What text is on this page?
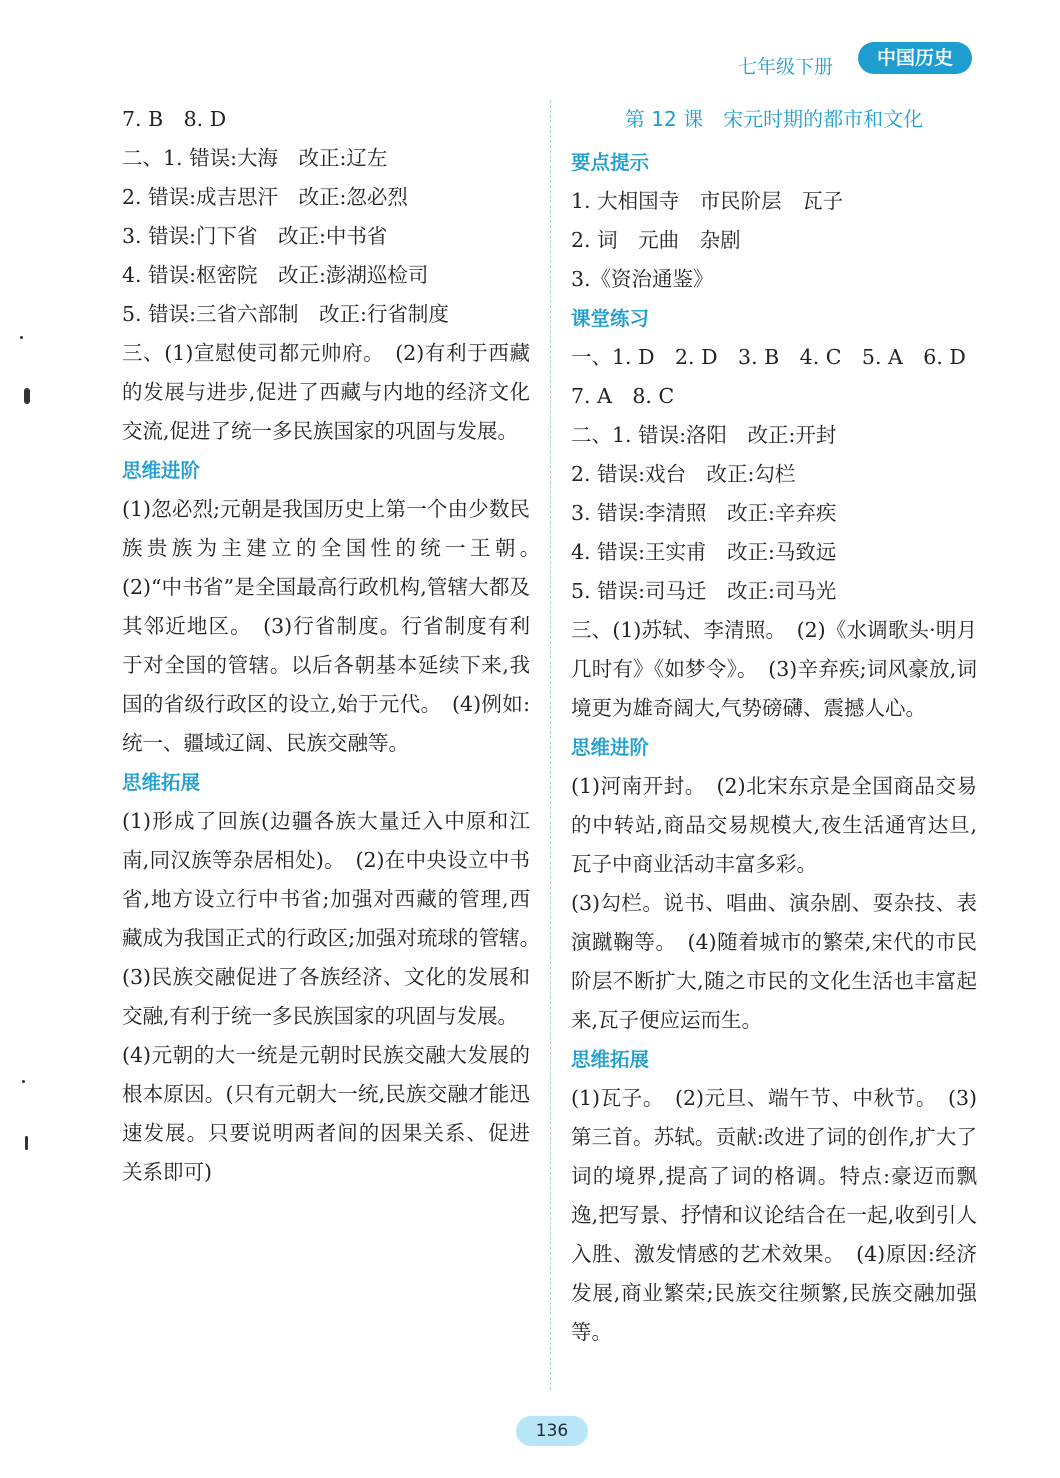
七年级下册	中国历史

7. B　8. D

二、1. 错误:大海　改正:辽左

2. 错误:成吉思汗　改正:忽必烈

3. 错误:门下省　改正:中书省

4. 错误:枢密院　改正:澎湖巡检司

5. 错误:三省六部制　改正:行省制度

三、(1)宣慰使司都元帅府。　(2)有利于西藏的发展与进步,促进了西藏与内地的经济文化交流,促进了统一多民族国家的巩固与发展。

思维进阶

(1)忽必烈;元朝是我国历史上第一个由少数民族贵族为主建立的全国性的统一王朝。　(2)“中书省”是全国最高行政机构,管辖大都及其邻近地区。　(3)行省制度。行省制度有利于对全国的管辖。以后各朝基本延续下来,我国的省级行政区的设立,始于元代。　(4)例如:统一、疆域辽阔、民族交融等。

思维拓展

(1)形成了回族(边疆各族大量迁入中原和江南,同汉族等杂居相处)。　(2)在中央设立中书省,地方设立行中书省;加强对西藏的管理,西藏成为我国正式的行政区;加强对琉球的管辖。　(3)民族交融促进了各族经济、文化的发展和交融,有利于统一多民族国家的巩固与发展。

(4)元朝的大一统是元朝时民族交融大发展的根本原因。(只有元朝大一统,民族交融才能迅速发展。只要说明两者间的因果关系、促进关系即可)

第 12 课　宋元时期的都市和文化

要点提示

1. 大相国寺　市民阶层　瓦子

2. 词　元曲　杂剧

3.《资治通鉴》

课堂练习

一、1. D　2. D　3. B　4. C　5. A　6. D

7. A　8. C

二、1. 错误:洛阳　改正:开封

2. 错误:戏台　改正:勾栏

3. 错误:李清照　改正:辛弃疾

4. 错误:王实甫　改正:马致远

5. 错误:司马迁　改正:司马光

三、(1)苏轼、李清照。　(2)《水调歌头·明月几时有》《如梦令》。　(3)辛弃疾;词风豪放,词境更为雄奇阔大,气势磅礴、震撼人心。

思维进阶

(1)河南开封。　(2)北宋东京是全国商品交易的中转站,商品交易规模大,夜生活通宵达旦,瓦子中商业活动丰富多彩。

(3)勾栏。说书、唱曲、演杂剧、耍杂技、表演蹴鞠等。　(4)随着城市的繁荣,宋代的市民阶层不断扩大,随之市民的文化生活也丰富起来,瓦子便应运而生。

思维拓展

(1)瓦子。　(2)元旦、端午节、中秋节。　(3)第三首。苏轼。贡献:改进了词的创作,扩大了词的境界,提高了词的格调。特点:豪迈而飘逸,把写景、抒情和议论结合在一起,收到引人入胜、激发情感的艺术效果。　(4)原因:经济发展,商业繁荣;民族交往频繁,民族交融加强等。

136
